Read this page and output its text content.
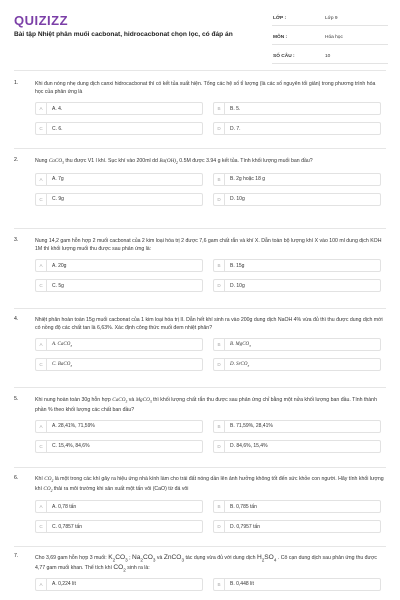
QUIZIZZ
Bài tập Nhiệt phân muối cacbonat, hidrocacbonat chọn lọc, có đáp án
LỚP :	Lớp 9
MÔN :	Hóa học
SỐ CÂU :	10
1.	Khi đun nóng nhẹ dung dịch canxi hidrocacbonat thì có kết tủa xuất hiện. Tổng các hệ số tỉ lượng (là các số nguyên tối giản) trong phương trình hóa học của phản ứng là
A	A. 4.	B	B. 5.
C	C. 6.	D	D. 7.
2.	Nung CaCO$_3$ thu được V1 l khí. Sục khí vào 200ml dd $Ba(OH)_2$ 0.5M được 3.94 g kết tủa. Tính khối lượng muối ban đầu?
A	A. 7g	B	B. 2g hoặc 18 g
C	C. 9g	D	D. 10g
3.	Nung 14,2 gam hỗn hợp 2 muối cacbonat của 2 kim loại hóa trị 2 được 7,6 gam chất rắn và khí X. Dẫn toàn bộ lượng khí X vào 100 ml dung dịch KOH 1M thì khối lượng muối thu được sau phản ứng là:
A	A. 20g	B	B. 15g
C	C. 5g	D	D. 10g
4.	Nhiệt phân hoàn toàn 15g muối cacbonat của 1 kim loại hóa trị II. Dẫn hết khí sinh ra vào 200g dung dịch NaOH 4% vừa đủ thì thu được dung dịch mới có nồng độ các chất tan là 6,63%. Xác định công thức muối đem nhiệt phân?
A	A. CaCO$_3$	B	B. MgCO$_3$
C	C. BaCO$_3$	D	D. SrCO$_3$
5.	Khi nung hoàn toàn 30g hỗn hợp CaCO$_3$ và MgCO$_3$ thì khối lượng chất rắn thu được sau phản ứng chỉ bằng một nửa khối lượng ban đầu. Tính thành phần % theo khối lượng các chất ban đầu?
A	A. 28,41%, 71,59%	B	B. 71,59%, 28,41%
C	C. 15,4%, 84,6%	D	D. 84,6%, 15,4%
6.	Khí $CO_2$ là một trong các khí gây ra hiệu ứng nhà kính làm cho trái đất nóng dần lên ảnh hưởng không tốt đến sức khỏe con người. Hãy tính khối lượng khí $CO_2$ thải ra môi trường khi sản xuất một tấn vôi (CaO) từ đá vôi
A	A. 0,78 tấn	B	B. 0,785 tấn
C	C. 0,7857 tấn	D	D. 0,7957 tấn
7.	Cho 3,69 gam hỗn hợp 3 muối: $K_2CO_3$ ; $Na_2CO_3$ và ZnCO$_3$ tác dụng vừa đủ với dung dịch $H_2SO_4$ . Cô cạn dung dịch sau phản ứng thu được 4,77 gam muối khan. Thể tích khí $CO_2$ sinh ra là:
A	A. 0,224 lít	B	B. 0,448 lít
